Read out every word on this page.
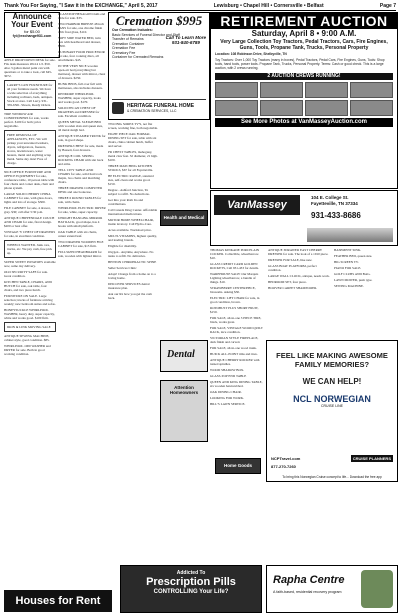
Thank You For Saying, "I Saw it in the EXCHANGE," April 5, 2017	Lewisburg • Chapel Hill • Cornersville • Belfast	Page 7
Announce Your Event
for $5.00
fyi@exchange931.com

APPLE DROP DOWN DESK for sale. Fits desk measures 20x14 1/2. $50. Also 3 gallon metal paint can with questions or to take a look, call 645-3072.

LARRY'S GUN FURNITURE for all your furniture needs. We have a wide selection of everything including recliners, beds, antiques. Stock at store. Call Larry. 931-359-6561. Shoots, Ready Orders.

TIRE WINDOW AIR CONDITIONERS for sale, works perfect. $100 for both; price negotiable.

FREE REMOVAL OF APPLIANCES, ETC. We will pickup your unwanted washers, dryers, refrigerators, freezers, stoves, lawnmowers, water heaters, metal and anything scrap metal. Same day dare! Free of charge.

NICE OFFICE FURNITURE AND OFFICE EQUIPMENT for sale, conference table, 10 person table with four chairs and corner desk, chair and phone system.

LARGE SOLID CHERRY CHINA CABINET for sale, with glass doors, lights and lots of storage. $300.

FILE CABINET for sale, 4 drawer, grey. $30; call after 5:30 p.m.

ANTIQUE CHIPPENDALE COUCH AND CHAIR for sale, floral design. $200 or best offer.

VINTAGE 'S' CHEST OF DRAWERS for sale, in excellent condition.

WHEELS WANTED. Junk cars, trucks, etc. We pay cash, free pick up.

SUPER SWEET POTATOES available now, same day delivery.

OLD SECURITY SAFE for sale. Great condition.

KITCHEN TABLE, CHAIRS, AND HUTCH for sale, oak table, four chairs, and two piece hutch.

FURNITURE ON SALE. Large selection; trucks of furniture arriving weekly; new bedroom suites and sofas.

HONEYSUCKLE WHIRLPOOL WASHER, heavy duty, super capacity, white and works good. $100 firm.

IRON & LINK MOVING SALE

ANTIQUE SEWING MACHINE, cabinet style, good condition. $85.

WHIRLPOOL 1000 WASHER and DRYER for sale. Both in good working condition.

GLASSTOP HEXAGON OAK end table for sale. $35.

TWO HARBOR BREEZE 48 inch PANS for sale, one chrome finish with frost glass, $110.

SOFT SIDE WATER BED, twin size with headboard and dresser, $300.

CUISINART FOOD PROCESSOR for sale, four cooking discs, all attachments. $45.

IN THE VERY NICE wooden open-air bed (everything but mattress), dresser with mirror, chest of drawers. $250.

BUNK BEDS, full over full with mattresses, also includes dressers.

RENMORE WHIRLPOOL WASHER, super capacity, looks and works good. $170.

SOLID PECAN CHEST OF DRAWERS and DRESSER for sale. Excellent condition.

QUEEN METAL SLEIGH BED with wooden slats and queen size, all metal sleigh bed.

ANTIQUE STEAMER TRUNK for sale, in good shape.

DRESSER/CHEST for sale, made by Bassett, four drawers.

ANTIQUE COIL SPRING ROCKING CHAIR with slat back and arms.

TELL CITY TABLE AND CHAIRS for sale, solid hard rock maple, two chairs and matching chairs.

THREE DRAWER COMPUTER DESK and one bookcase.

THREE 6 ROUND TABLES for sale, with chairs.

WHIRLPOOL ELECTRIC DRYER for sale, white, super capacity.

UPRIGHT HANGING MIRROR HAT RACK, good shape, has 4 hooks with small platform.

OAK TABLE with six chairs, center extend leaf.

TWO DRAWER WOODEN FILE CABINET for sale, $15 firm.

FULLSIZED HEADBOARD for sale, wooden with lighted mirror.

Cremation $995
Our Cremation Includes:
Basic Services of Funeral Director and Staff
Transfer of Remains
Cremation Container
Cremation Fee
Crematory Fee
Container for Cremated Remains
Call To Learn More
931-840-6789
HERITAGE FUNERAL HOME
& CREMATION SERVICES, LLC

TWO BIG SOREX TV'S, not flat screen, working fine, both negotiable.

EIGHT PIECE OAK FORMAL DINING SET for sale, table with six chairs, china cabinet hutch, buffet and server.

PR CHEST TABLES, mahogany, metal claw feet. 32 diameter, 21 high. $100.

THREE MATCHING KITCHEN STOOLS, $67 for all Fayetteville.

HP ELECTRIC RANGE, standard size, self-clean and works good. $150.

Degree - Ashford Junction, Tn subject to refill. No deductions.

Get Into your Roth Ira and contributions.

Call Canada Drug Center. Affordable international medications.

MOTOR HOME WHEELCHAIR, inside lavatory. Call Hydro-Care.

Acres available. Truckload price.

MULTI-VITAMINS, highest quality, and leading brands.

Eligible for disability.

Oxygen - Anytime, Anywhere. No tanks to refill. No deliveries.

BENTON CHIROPRACTIC SPINE

Seller Services Clinic

Adopt! Change from a home on to a loving home.

DISCOVER SERVICES dental insurance plan.

Ask our Rx how you get the cash back.

Health and Medical
Dental
Attention Homeowners
RETIREMENT AUCTION
Saturday, April 8 • 9:00 A.M.
Very Large Collection Toy Tractors, Pedal Tractors, Cars, Fire Engines, Guns, Tools, Propane Tank, Trucks, Personal Property
Location: 108 Robinson Drive, Shelbyville, TN
Toy Tractors: Over 1,000 Toy Tractors (many in boxes), Pedal Tractors, Pedal Cars, Fire Engines, Guns, Tools: Shop tools, hand tools, power tools. Propane Tank, Trucks, Personal Property. Terms: Cash or good check. This is a large auction, with 2 crews running.
2 AUCTION CREWS RUNNING!
See More Photos at VanMasseyAuction.com
VanMassey
104 E. College St.
Fayetteville, TN 37334
931-433-8686

THOMAS KINKADE PORCELAIN COCKER. Collectible, wheelbarrow. $10.

GLASS CREDIT CARD GOLDEN ROCKETS, Call 931-433 for details.

WAREHOUSE SALE! Our Marquis Lighting wheelbarrow, a bundle of things. $10.

STRAWBERRY CENTERPIECE, blossoms. Asking $30.

ELECTRIC LIFT CHAIR for sale, in good condition, brown.

ROTOBUST PLUS SHORT FRUIT, $150.

FOR SALE, all-in-one 3 PIECE TIRE, black, works great.

FOR SALE, VINTAGE WOOD QUILT RACK, nice condition.

VICTORIAN STYLE FIREPLACE, dark finish and carved.

FOR SALE, all-in-one wood trunk.

BUICK ALL-POINT rims and tires.

ANTIQUE CHERRY ROCKER with turned spindles.

WOOD SHADOW BOX.

GLASS-TOP END TABLE

QUEEN AND KING DINING TABLE, six wooden hand-rubbed.

OAK DINING CHAIR.

LOOKING FOR WORK.

BILL'S LAWN SERVICE.

Home Goods

ANTIQUE 3DRAWER EAST CHERRY DRESSER for sale. The look of a 1910 piece.

DRESSER FOR SALE, like new.

GLASS BOAT PLATFORM, perfect condition.

LARGE WALL CLOCK, antique, needs work.

BEDROOM SET, four piece.

HOOVER CARPET SHAMPOOER.

BASEMENT SINK.

FEATHER BED, queen size.

BIG SCREEN TV.

PIANO FOR SALE.

GOLF CLUBS AND BAG.

LAWN MOWER, push type.

SEWING MACHINE.

FEEL LIKE MAKING AWESOME FAMILY MEMORIES?
WE CAN HELP!
NCL NORWEGIAN
CRUISE LINE
NCPTravel.com	CRUISE PLANNERS
877-270-7260
To bring this Norwegian Cruise concept to life... Download the free app
Houses for Rent
Addicted To
Prescription Pills
CONTROLLING Your Life?
Rapha Centre
A faith-based, residential recovery program
